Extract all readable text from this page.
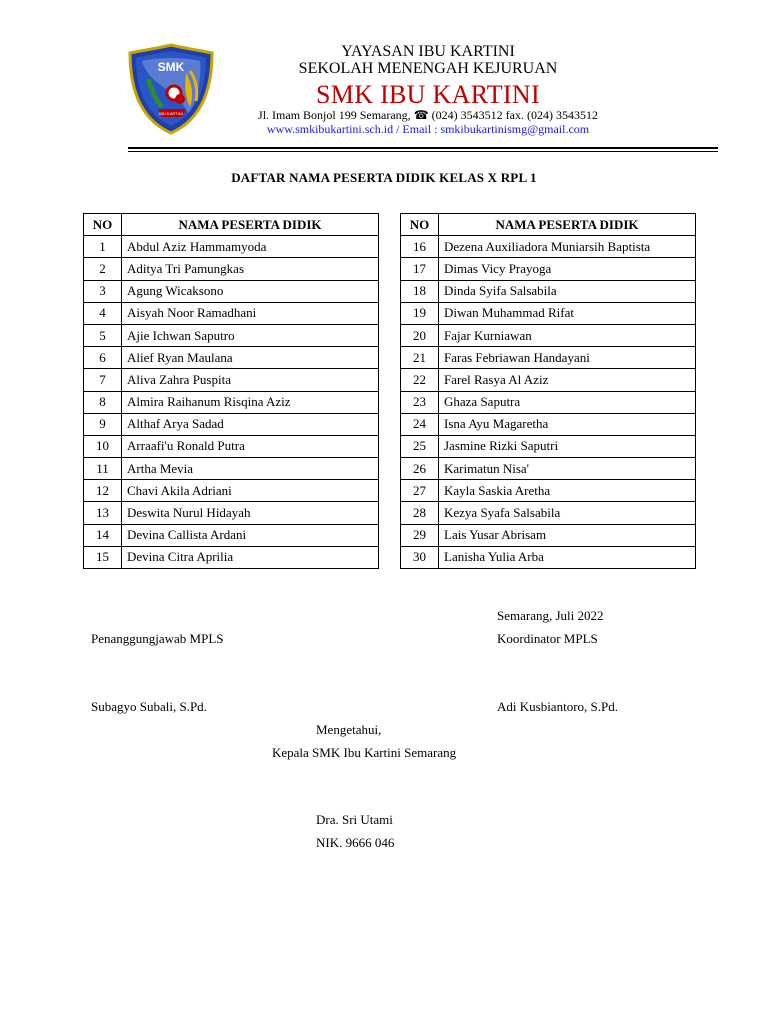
SMK
IBU KARTINI
YAYASAN IBU KARTINI
SEKOLAH MENENGAH KEJURUAN
SMK IBU KARTINI
Jl. Imam Bonjol 199 Semarang, ☎ (024) 3543512 fax. (024) 3543512
www.smkibukartini.sch.id / Email : smkibukartinismg@gmail.com
DAFTAR NAMA PESERTA DIDIK KELAS X RPL 1
NO	NAMA PESERTA DIDIK
1	Abdul Aziz Hammamyoda
2	Aditya Tri Pamungkas
3	Agung Wicaksono
4	Aisyah Noor Ramadhani
5	Ajie Ichwan Saputro
6	Alief Ryan Maulana
7	Aliva Zahra Puspita
8	Almira Raihanum Risqina Aziz
9	Althaf Arya Sadad
10	Arraafi'u Ronald Putra
11	Artha Mevia
12	Chavi Akila Adriani
13	Deswita Nurul Hidayah
14	Devina Callista Ardani
15	Devina Citra Aprilia
NO	NAMA PESERTA DIDIK
16	Dezena Auxiliadora Muniarsih Baptista
17	Dimas Vicy Prayoga
18	Dinda Syifa Salsabila
19	Diwan Muhammad Rifat
20	Fajar Kurniawan
21	Faras Febriawan Handayani
22	Farel Rasya Al Aziz
23	Ghaza Saputra
24	Isna Ayu Magaretha
25	Jasmine Rizki Saputri
26	Karimatun Nisa'
27	Kayla Saskia Aretha
28	Kezya Syafa Salsabila
29	Lais Yusar Abrisam
30	Lanisha Yulia Arba
Semarang, Juli 2022
Penanggungjawab MPLS	Koordinator MPLS
Subagyo Subali, S.Pd.	Adi Kusbiantoro, S.Pd.
Mengetahui,
Kepala SMK Ibu Kartini Semarang
Dra. Sri Utami
NIK. 9666 046
